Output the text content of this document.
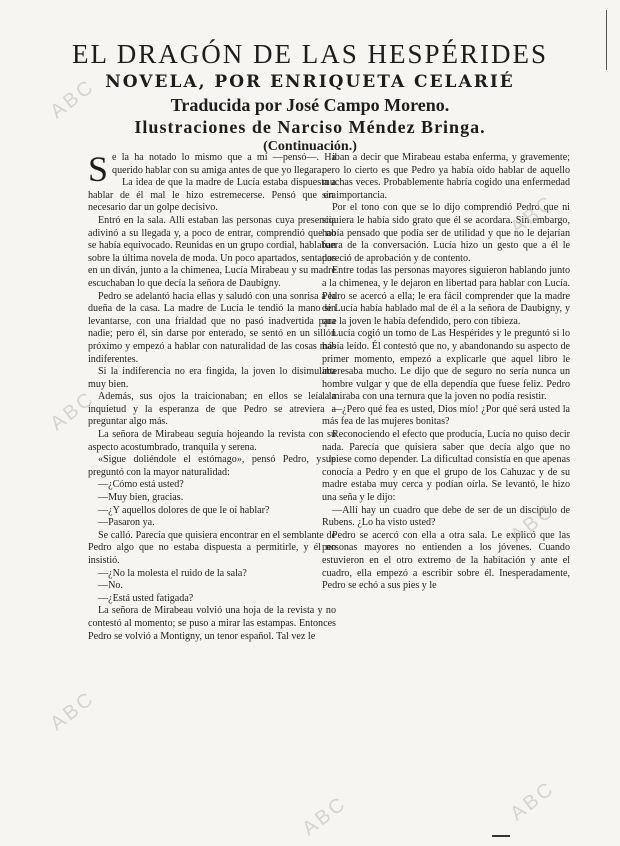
EL DRAGÓN DE LAS HESPÉRIDES
NOVELA, POR ENRIQUETA CELARIÉ
Traducida por José Campo Moreno.
Ilustraciones de Narciso Méndez Bringa.
(Continuación.)

Se la ha notado lo mismo que a mí —pensó—. Ha querido hablar con su amiga antes de que yo llegara.

La idea de que la madre de Lucía estaba dispuesta a hablar de él mal le hizo estremecerse. Pensó que era necesario dar un golpe decisivo.

Entró en la sala. Allí estaban las personas cuya presencia adivinó a su llegada y, a poco de entrar, comprendió que no se había equivocado. Reunidas en un grupo cordial, hablaban sobre la última novela de moda. Un poco apartados, sentados en un diván, junto a la chimenea, Lucía Mirabeau y su madre escuchaban lo que decía la señora de Daubigny.

Pedro se adelantó hacia ellas y saludó con una sonrisa a la dueña de la casa. La madre de Lucía le tendió la mano sin levantarse, con una frialdad que no pasó inadvertida para nadie; pero él, sin darse por enterado, se sentó en un sillón próximo y empezó a hablar con naturalidad de las cosas más indiferentes.

Si la indiferencia no era fingida, la joven lo disimulaba muy bien.

Además, sus ojos la traicionaban; en ellos se leía la inquietud y la esperanza de que Pedro se atreviera a preguntar algo más.

La señora de Mirabeau seguía hojeando la revista con su aspecto acostumbrado, tranquila y serena.

«Sigue doliéndole el estómago», pensó Pedro, y le preguntó con la mayor naturalidad:

—¿Cómo está usted?

—Muy bien, gracias.

—¿Y aquellos dolores de que le oí hablar?

—Pasaron ya.

Se calló. Parecía que quisiera encontrar en el semblante de Pedro algo que no estaba dispuesta a permitirle, y él no insistió.

—¿No la molesta el ruido de la sala?

—No.

—¿Está usted fatigada?

La señora de Mirabeau volvió una hoja de la revista y no contestó al momento; se puso a mirar las estampas. Entonces Pedro se volvió a Montigny, un tenor español. Tal vez le

iban a decir que Mirabeau estaba enferma, y gravemente; pero lo cierto es que Pedro ya había oído hablar de aquello muchas veces. Probablemente habría cogido una enfermedad sin importancia.

Por el tono con que se lo dijo comprendió Pedro que ni siquiera le había sido grato que él se acordara. Sin embargo, había pensado que podía ser de utilidad y que no le dejarían fuera de la conversación. Lucía hizo un gesto que a él le pareció de aprobación y de contento.

Entre todas las personas mayores siguieron hablando junto a la chimenea, y le dejaron en libertad para hablar con Lucía. Pedro se acercó a ella; le era fácil comprender que la madre de Lucía había hablado mal de él a la señora de Daubigny, y que la joven le había defendido, pero con tibieza.

Lucía cogió un tomo de Las Hespérides y le preguntó si lo había leído. Él contestó que no, y abandonando su aspecto de primer momento, empezó a explicarle que aquel libro le interesaba mucho. Le dijo que de seguro no sería nunca un hombre vulgar y que de ella dependía que fuese feliz. Pedro la miraba con una ternura que la joven no podía resistir.

—¿Pero qué fea es usted, Dios mío! ¿Por qué será usted la más fea de las mujeres bonitas?

Reconociendo el efecto que producía, Lucía no quiso decir nada. Parecía que quisiera saber que decía algo que no supiese como depender. La dificultad consistía en que apenas conocía a Pedro y en que el grupo de los Cahuzac y de su madre estaba muy cerca y podían oírla. Se levantó, le hizo una seña y le dijo:

—Allí hay un cuadro que debe de ser de un discípulo de Rubens. ¿Lo ha visto usted?

Pedro se acercó con ella a otra sala. Le explicó que las personas mayores no entienden a los jóvenes. Cuando estuvieron en el otro extremo de la habitación y ante el cuadro, ella empezó a escribir sobre él. Inesperadamente, Pedro se echó a sus pies y le

ABC
ABC
ABC
ABC
ABC
ABC
ABC
